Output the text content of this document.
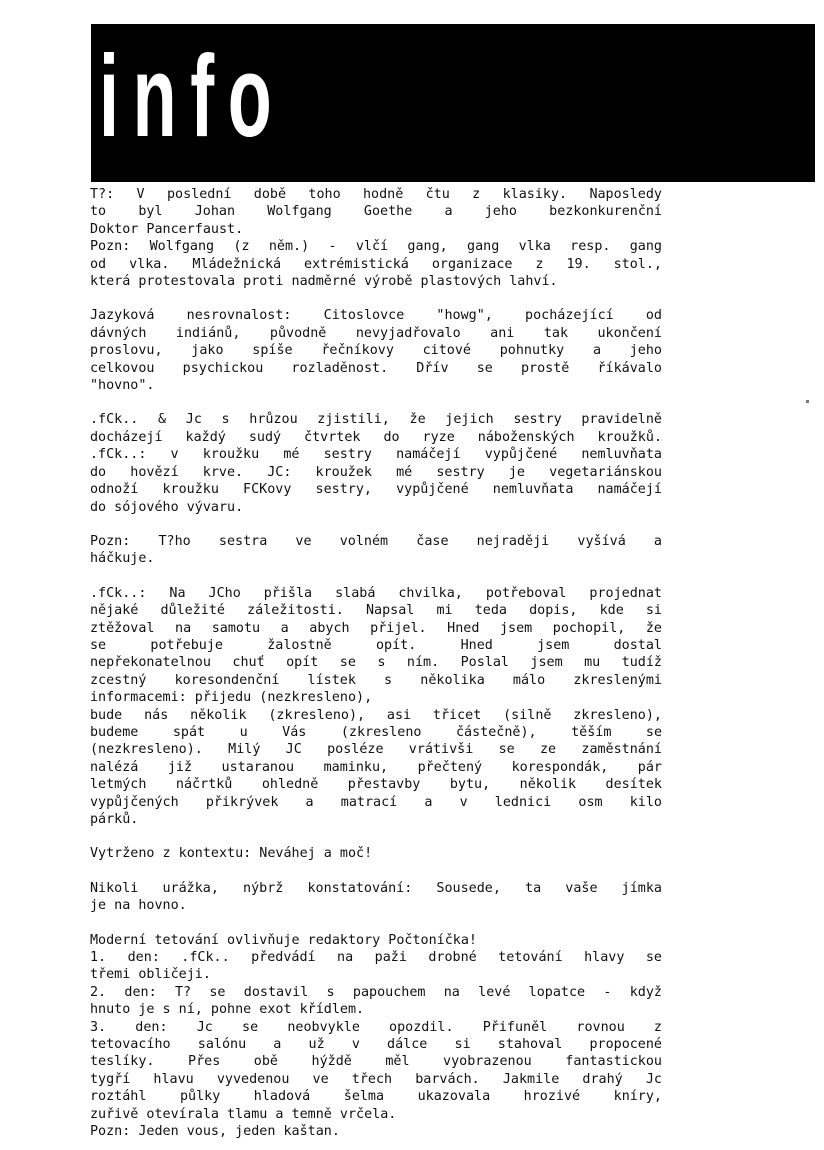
info
T?: V poslední době toho hodně čtu z klasiky. Naposledy
to byl Johan Wolfgang Goethe a jeho bezkonkurenční
Doktor Pancerfaust.
Pozn: Wolfgang (z něm.) - vlčí gang, gang vlka resp. gang
od vlka. Mládežnická extrémistická organizace z 19. stol.,
která protestovala proti nadměrné výrobě plastových lahví.
Jazyková nesrovnalost: Citoslovce "howg", pocházející od
dávných indiánů, původně nevyjadřovalo ani tak ukončení
proslovu, jako spíše řečníkovy citové pohnutky a jeho
celkovou psychickou rozladěnost. Dřív se prostě říkávalo
"hovno".
.fCk.. & Jc s hrůzou zjistili, že jejich sestry pravidelně
docházejí každý sudý čtvrtek do ryze náboženských kroužků.
.fCk..: v kroužku mé sestry namáčejí vypůjčené nemluvňata
do hovězí krve. JC: kroužek mé sestry je vegetariánskou
odnoží kroužku FCKovy sestry, vypůjčené nemluvňata namáčejí
do sójového vývaru.
Pozn: T?ho sestra ve volném čase nejraději vyšívá a
háčkuje.
.fCk..: Na JCho přišla slabá chvilka, potřeboval projednat
nějaké důležité záležitosti. Napsal mi teda dopis, kde si
ztěžoval na samotu a abych přijel. Hned jsem pochopil, že
se potřebuje žalostně opít. Hned jsem dostal
nepřekonatelnou chuť opít se s ním. Poslal jsem mu tudíž
zcestný koresondenční lístek s několika málo zkreslenými
informacemi: přijedu (nezkresleno),
bude nás několik (zkresleno), asi třicet (silně zkresleno),
budeme spát u Vás (zkresleno částečně), těším se
(nezkresleno). Milý JC posléze vrátivši se ze zaměstnání
nalézá již ustaranou maminku, přečtený korespondák, pár
letmých náčrtků ohledně přestavby bytu, několik desítek
vypůjčených přikrývek a matrací a v lednici osm kilo
párků.
Vytrženo z kontextu: Neváhej a moč!
Nikoli urážka, nýbrž konstatování: Sousede, ta vaše jímka
je na hovno.
Moderní tetování ovlivňuje redaktory Počtoníčka!
1. den: .fCk.. předvádí na paži drobné tetování hlavy se
třemi obličeji.
2. den: T? se dostavil s papouchem na levé lopatce - když
hnuto je s ní, pohne exot křídlem.
3. den: Jc se neobvykle opozdil. Přifuněl rovnou z
tetovacího salónu a už v dálce si stahoval propocené
teslíky. Přes obě hýždě měl vyobrazenou fantastickou
tygří hlavu vyvedenou ve třech barvách. Jakmile drahý Jc
roztáhl půlky hladová šelma ukazovala hrozivé kníry,
zuřivě otevírala tlamu a temně vrčela.
Pozn: Jeden vous, jeden kaštan.
